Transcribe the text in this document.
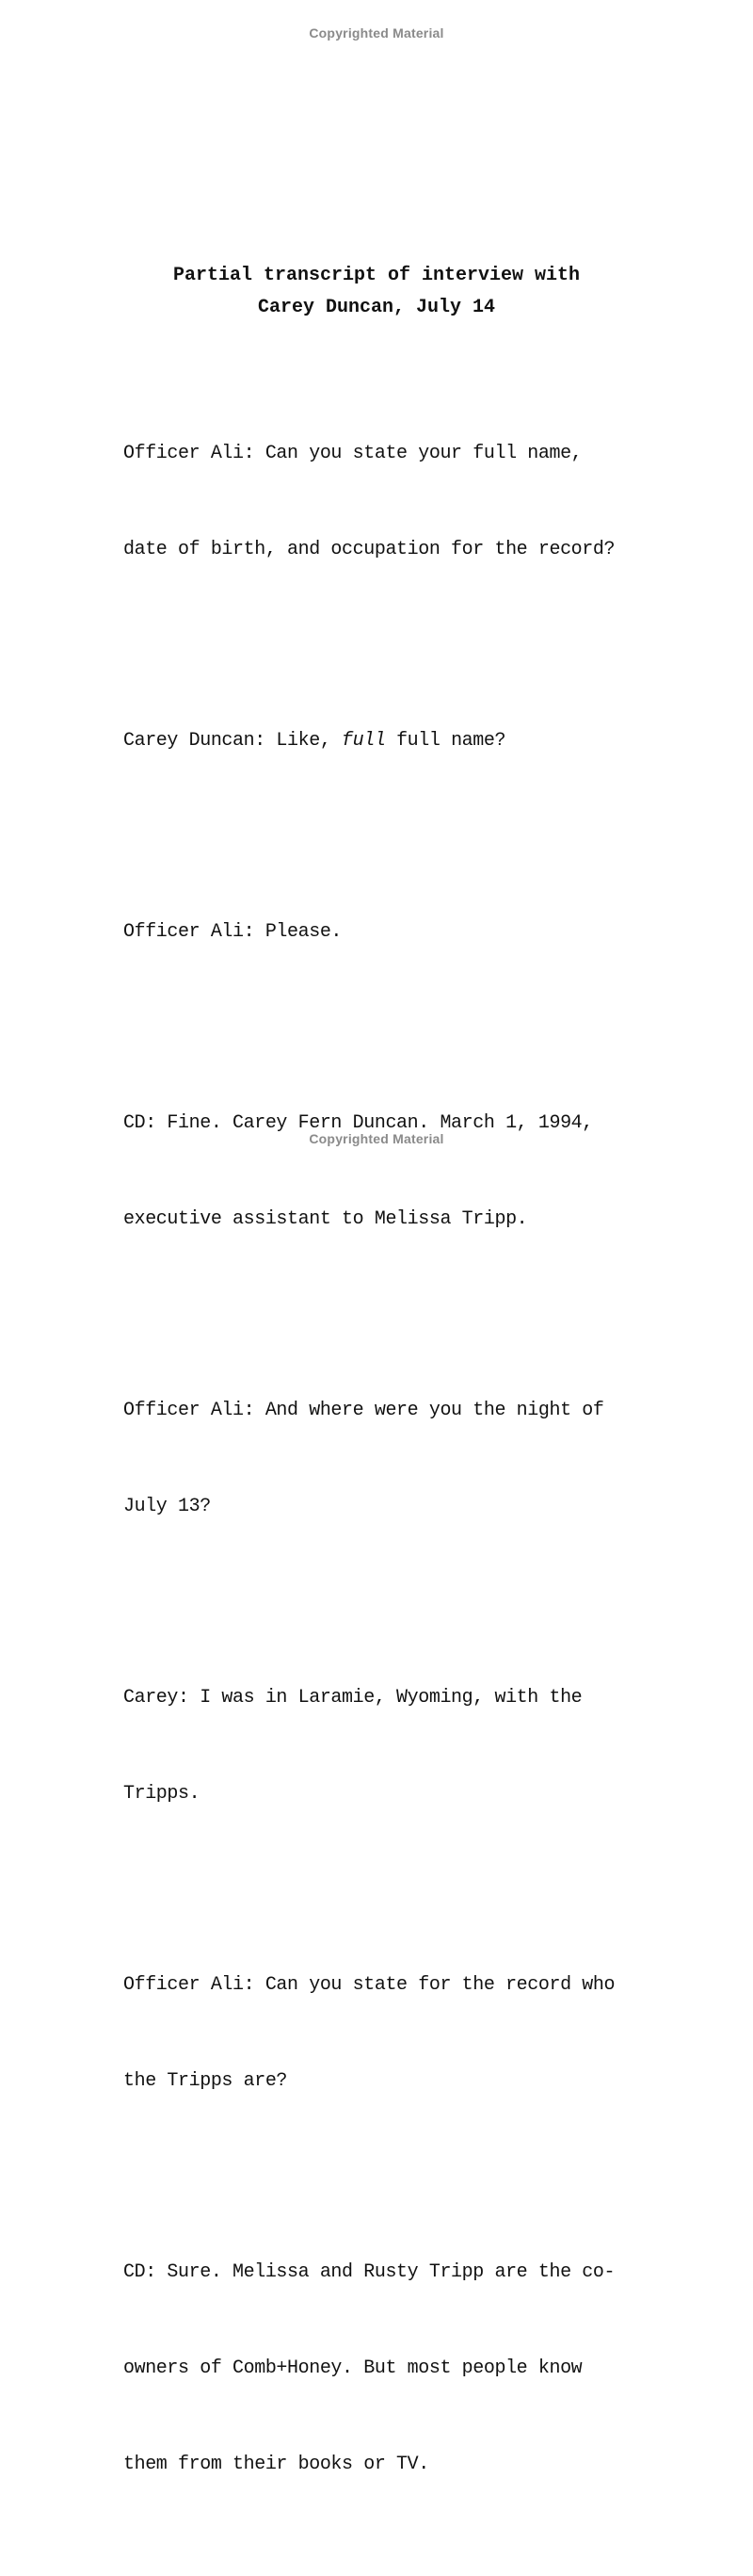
Copyrighted Material
Partial transcript of interview with
Carey Duncan, July 14

Officer Ali: Can you state your full name,

date of birth, and occupation for the record?

Carey Duncan: Like, full full name?

Officer Ali: Please.

CD: Fine. Carey Fern Duncan. March 1, 1994,

executive assistant to Melissa Tripp.

Officer Ali: And where were you the night of

July 13?

Carey: I was in Laramie, Wyoming, with the

Tripps.

Officer Ali: Can you state for the record who

the Tripps are?

CD: Sure. Melissa and Rusty Tripp are the co-

owners of Comb+Honey. But most people know

them from their books or TV.

Copyrighted Material
